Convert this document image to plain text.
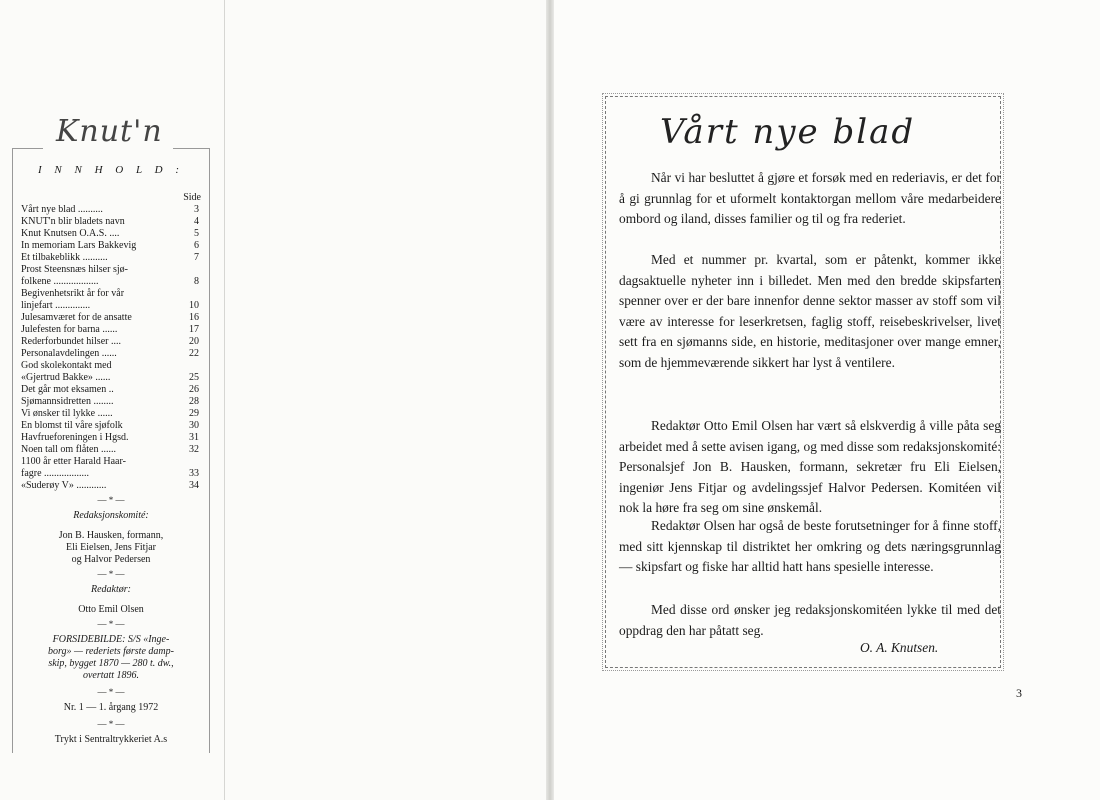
Knut'n
I N N H O L D :
Side
Vårt nye blad ..........	3
KNUT'n blir bladets navn	4
Knut Knutsen O.A.S. ....	5
In memoriam Lars Bakkevig	6
Et tilbakeblikk ..........	7
Prost Steensnæs hilser sjø-
folkene ..................	8
Begivenhetsrikt år for vår
linjefart ..............	10
Julesamværet for de ansatte	16
Julefesten for barna ......	17
Rederforbundet hilser ....	20
Personalavdelingen ......	22
God skolekontakt med
«Gjertrud Bakke» ......	25
Det går mot eksamen ..	26
Sjømannsidretten ........	28
Vi ønsker til lykke ......	29
En blomst til våre sjøfolk	30
Havfrueforeningen i Hgsd.	31
Noen tall om flåten ......	32
1100 år etter Harald Haar-
fagre ..................	33
«Suderøy V» ............	34
— * —
Redaksjonskomité:
Jon B. Hausken, formann,
Eli Eielsen, Jens Fitjar
og Halvor Pedersen
— * —
Redaktør:
Otto Emil Olsen
— * —
FORSIDEBILDE: S/S «Inge-
borg» — rederiets første damp-
skip, bygget 1870 — 280 t. dw.,
overtatt 1896.
— * —
Nr. 1 — 1. årgang 1972
— * —
Trykt i Sentraltrykkeriet A.s
Vårt nye blad
Når vi har besluttet å gjøre et forsøk med en rederiavis, er det for å gi grunnlag for et uformelt kontaktorgan mellom våre medarbeidere ombord og iland, disses familier og til og fra rederiet.
Med et nummer pr. kvartal, som er påtenkt, kommer ikke dagsaktuelle nyheter inn i billedet. Men med den bredde skipsfarten spenner over er der bare innenfor denne sektor masser av stoff som vil være av interesse for leserkretsen, faglig stoff, reisebeskrivelser, livet sett fra en sjømanns side, en historie, meditasjoner over mange emner, som de hjemmeværende sikkert har lyst å ventilere.
Redaktør Otto Emil Olsen har vært så elskverdig å ville påta seg arbeidet med å sette avisen igang, og med disse som redaksjonskomité: Personalsjef Jon B. Hausken, formann, sekretær fru Eli Eielsen, ingeniør Jens Fitjar og avdelingssjef Halvor Pedersen. Komitéen vil nok la høre fra seg om sine ønskemål.
Redaktør Olsen har også de beste forutsetninger for å finne stoff, med sitt kjennskap til distriktet her omkring og dets næringsgrunnlag — skipsfart og fiske har alltid hatt hans spesielle interesse.
Med disse ord ønsker jeg redaksjonskomitéen lykke til med det oppdrag den har påtatt seg.
O. A. Knutsen.
3
